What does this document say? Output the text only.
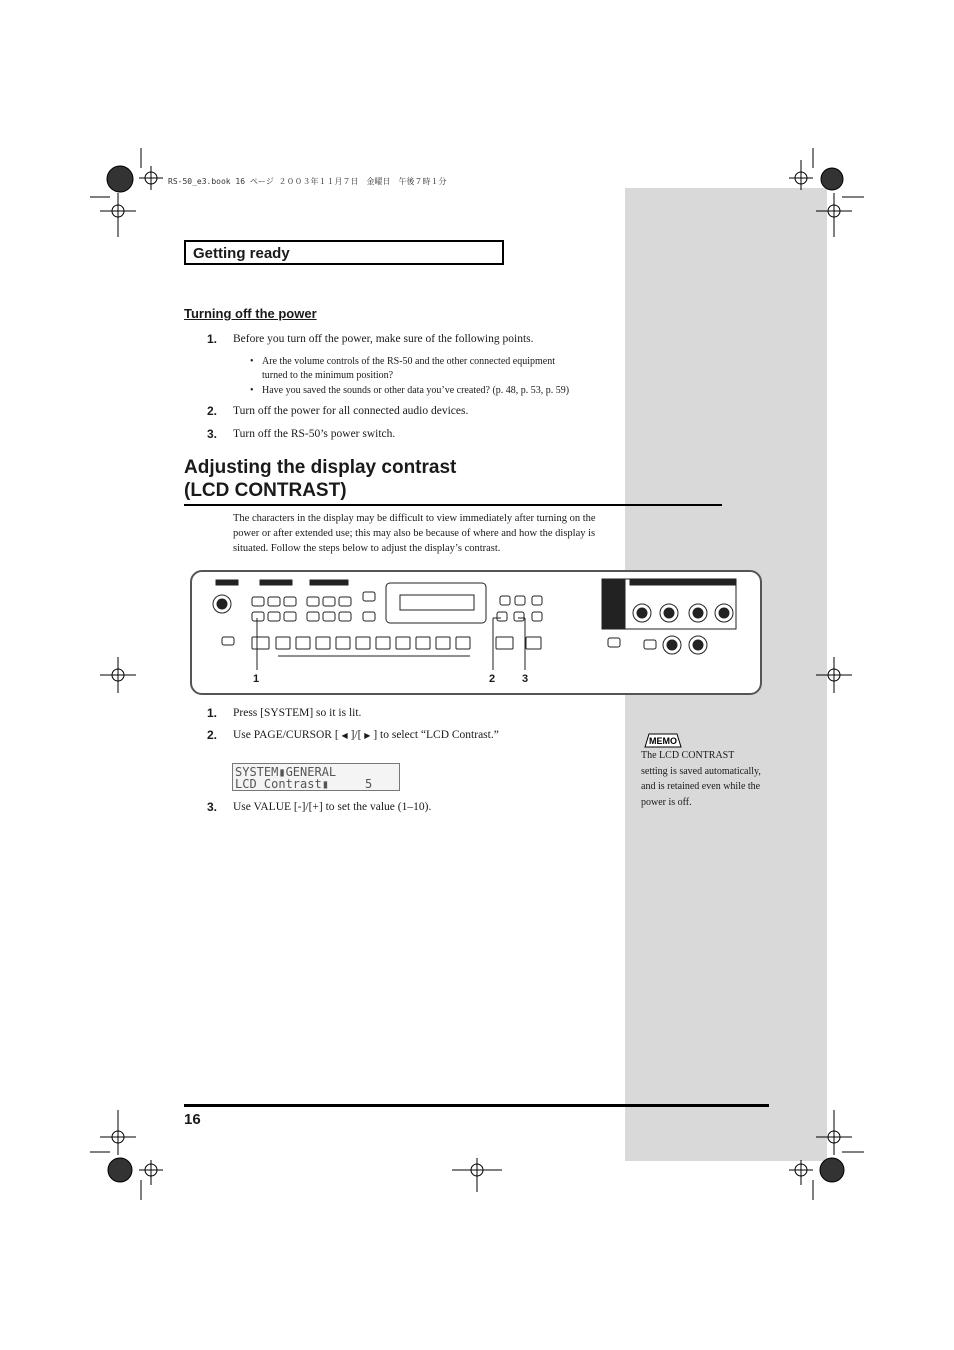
RS-50_e3.book 16 ページ ２００３年１１月７日　金曜日　午後７時１分
Getting ready
Turning off the power
1. Before you turn off the power, make sure of the following points.
• Are the volume controls of the RS-50 and the other connected equipment
turned to the minimum position?
• Have you saved the sounds or other data you’ve created? (p. 48, p. 53, p. 59)
2. Turn off the power for all connected audio devices.
3. Turn off the RS-50’s power switch.
Adjusting the display contrast
(LCD CONTRAST)
The characters in the display may be difficult to view immediately after turning on the power or after extended use; this may also be because of where and how the display is situated. Follow the steps below to adjust the display’s contrast.
1	2 3
1. Press [SYSTEM] so it is lit.
2. Use PAGE/CURSOR [ ◀ ]/[ ▶ ] to select “LCD Contrast.”
SYSTEM▮GENERAL
LCD Contrast▮     5
3. Use VALUE [-]/[+] to set the value (1–10).
MEMO
The LCD CONTRAST setting is saved automatically, and is retained even while the power is off.
16
